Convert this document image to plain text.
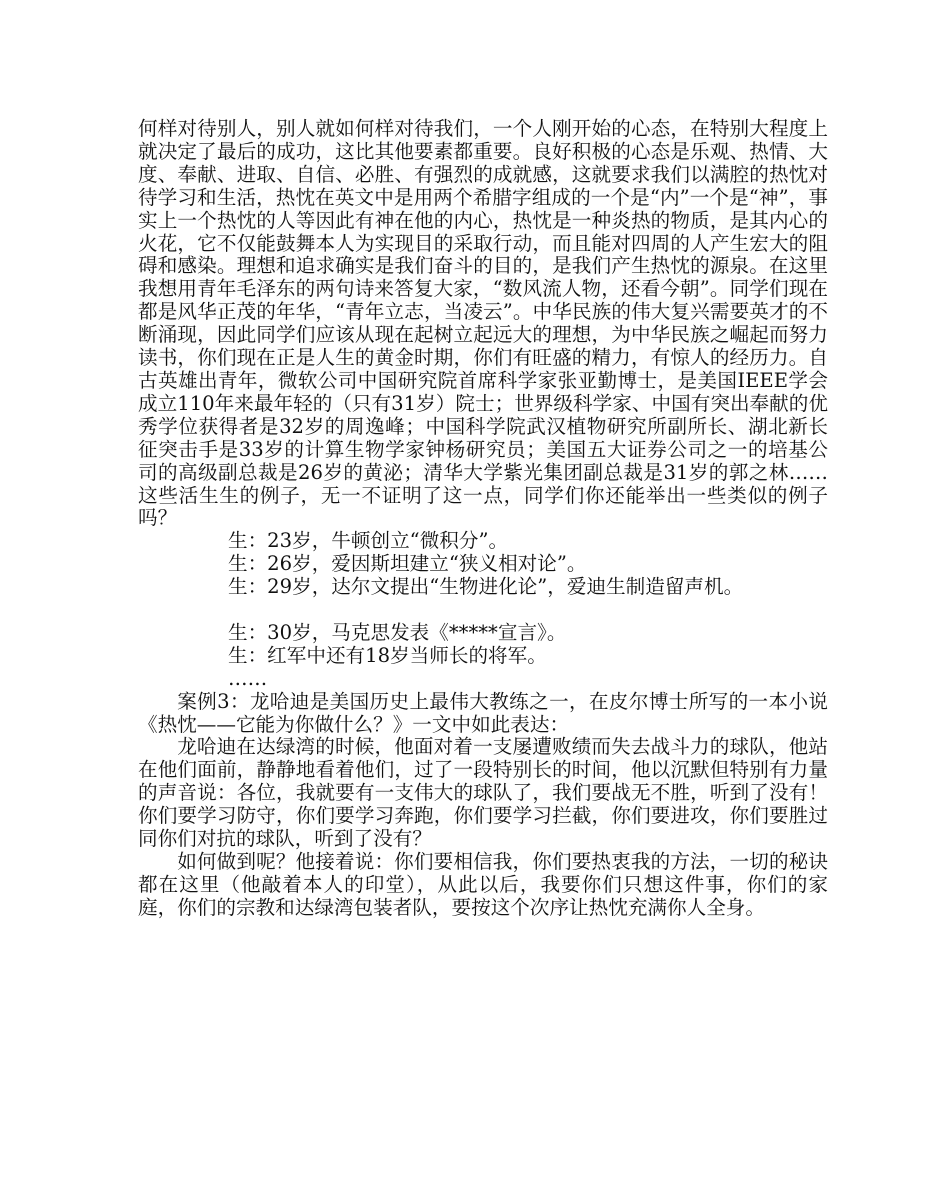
何样对待别人，别人就如何样对待我们，一个人刚开始的心态，在特别大程度上就决定了最后的成功，这比其他要素都重要。良好积极的心态是乐观、热情、大度、奉献、进取、自信、必胜、有强烈的成就感，这就要求我们以满腔的热忱对待学习和生活，热忱在英文中是用两个希腊字组成的一个是“内”一个是“神”，事实上一个热忱的人等因此有神在他的内心，热忱是一种炎热的物质，是其内心的火花，它不仅能鼓舞本人为实现目的采取行动，而且能对四周的人产生宏大的阻碍和感染。理想和追求确实是我们奋斗的目的，是我们产生热忱的源泉。在这里我想用青年毛泽东的两句诗来答复大家，“数风流人物，还看今朝”。同学们现在都是风华正茂的年华，“青年立志，当凌云”。中华民族的伟大复兴需要英才的不断涌现，因此同学们应该从现在起树立起远大的理想，为中华民族之崛起而努力读书，你们现在正是人生的黄金时期，你们有旺盛的精力，有惊人的经历力。自古英雄出青年，微软公司中国研究院首席科学家张亚勤博士，是美国IEEE学会成立110年来最年轻的（只有31岁）院士；世界级科学家、中国有突出奉献的优秀学位获得者是32岁的周逸峰；中国科学院武汉植物研究所副所长、湖北新长征突击手是33岁的计算生物学家钟杨研究员；美国五大证券公司之一的培基公司的高级副总裁是26岁的黄泌；清华大学紫光集团副总裁是31岁的郭之林……这些活生生的例子，无一不证明了这一点，同学们你还能举出一些类似的例子吗？

生：23岁，牛顿创立“微积分”。

生：26岁，爱因斯坦建立“狭义相对论”。

生：29岁，达尔文提出“生物进化论”，爱迪生制造留声机。

生：30岁，马克思发表《*****宣言》。

生：红军中还有18岁当师长的将军。

……

案例3：龙哈迪是美国历史上最伟大教练之一，在皮尔博士所写的一本小说《热忱——它能为你做什么？》一文中如此表达：

龙哈迪在达绿湾的时候，他面对着一支屡遭败绩而失去战斗力的球队，他站在他们面前，静静地看着他们，过了一段特别长的时间，他以沉默但特别有力量的声音说：各位，我就要有一支伟大的球队了，我们要战无不胜，听到了没有！你们要学习防守，你们要学习奔跑，你们要学习拦截，你们要进攻，你们要胜过同你们对抗的球队，听到了没有？

如何做到呢？他接着说：你们要相信我，你们要热衷我的方法，一切的秘诀都在这里（他敲着本人的印堂），从此以后，我要你们只想这件事，你们的家庭，你们的宗教和达绿湾包装者队，要按这个次序让热忱充满你人全身。
